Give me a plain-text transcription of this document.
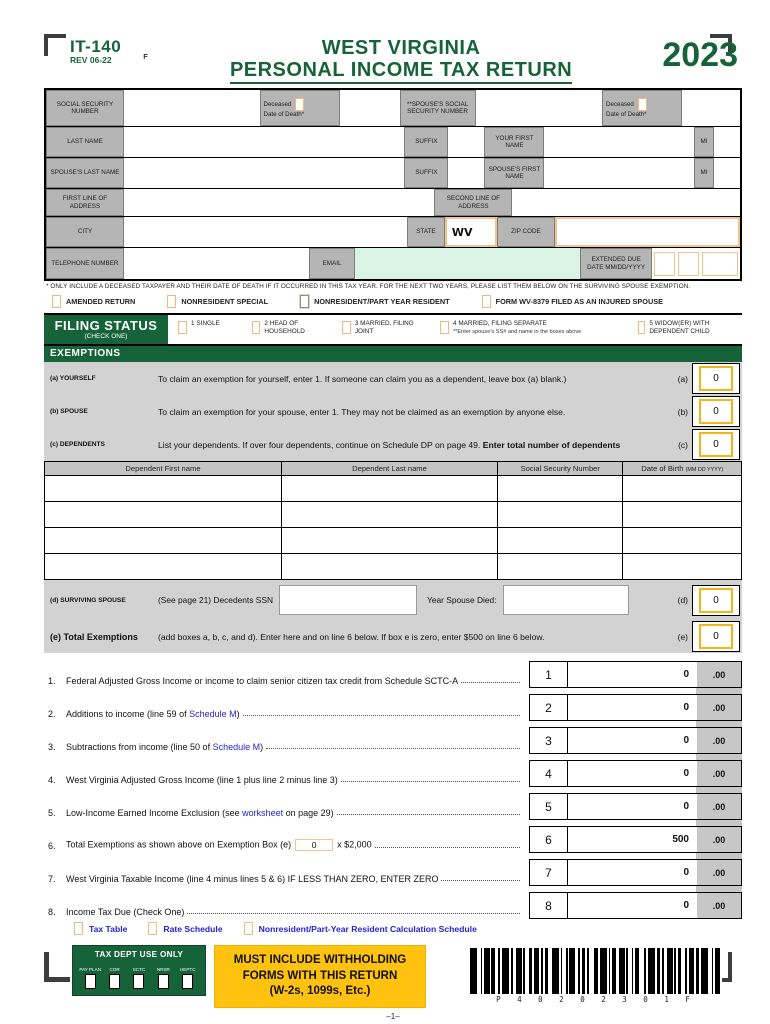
IT-140
REV 06-22	F	WEST VIRGINIA
PERSONAL INCOME TAX RETURN	2023
SOCIAL SECURITY NUMBER
Deceased
Date of Death*
**SPOUSE'S SOCIAL SECURITY NUMBER
Deceased
Date of Death*
LAST NAME	SUFFIX
YOUR FIRST NAME
MI
SPOUSE'S LAST NAME	SUFFIX
SPOUSE'S FIRST NAME
MI
FIRST LINE OF ADDRESS
SECOND LINE OF ADDRESS
CITY	STATE	WV	ZIP CODE
TELEPHONE NUMBER	EMAIL
EXTENDED DUE DATE MM/DD/YYYY
* ONLY INCLUDE A DECEASED TAXPAYER AND THEIR DATE OF DEATH IF IT OCCURRED IN THIS TAX YEAR. FOR THE NEXT TWO YEARS, PLEASE LIST THEM BELOW ON THE SURVIVING SPOUSE EXEMPTION.
AMENDED RETURN	NONRESIDENT SPECIAL	NONRESIDENT/PART YEAR RESIDENT	FORM WV-8379 FILED AS AN INJURED SPOUSE
FILING STATUS
(CHECK ONE)
1 SINGLE	2 HEAD OF HOUSEHOLD
3 MARRIED, FILING JOINT
4 MARRIED, FILING SEPARATE
**Enter spouse's SS# and name in the boxes above
5 WIDOW(ER) WITH DEPENDENT CHILD
EXEMPTIONS
(a) YOURSELF	To claim an exemption for yourself, enter 1. If someone can claim you as a dependent, leave box (a) blank.)	(a)	0
(b) SPOUSE	To claim an exemption for your spouse, enter 1. They may not be claimed as an exemption by anyone else.	(b)	0
(c) DEPENDENTS	List your dependents. If over four dependents, continue on Schedule DP on page 49. Enter total number of dependents	(c)	0
Dependent First name	Dependent Last name	Social Security Number	Date of Birth (MM DD YYYY)

(d) SURVIVING SPOUSE	(See page 21) Decedents SSN	Year Spouse Died:	(d)	0
(e) Total Exemptions	(add boxes a, b, c, and d). Enter here and on line 6 below. If box e is zero, enter $500 on line 6 below.	(e)	0
1.	Federal Adjusted Gross Income or income to claim senior citizen tax credit from Schedule SCTC-A	1	0	.00
2.	Additions to income (line 59 of Schedule M)	2	0	.00
3.	Subtractions from income (line 50 of Schedule M)	3	0	.00
4.	West Virginia Adjusted Gross Income (line 1 plus line 2 minus line 3)	4	0	.00
5.	Low-Income Earned Income Exclusion (see worksheet on page 29)	5	0	.00
6.	Total Exemptions as shown above on Exemption Box (e) 0 x $2,000	6	500	.00
7.	West Virginia Taxable Income (line 4 minus lines 5 & 6) IF LESS THAN ZERO, ENTER ZERO	7	0	.00
8.	Income Tax Due (Check One)	8	0	.00
Tax Table	Rate Schedule	Nonresident/Part-Year Resident Calculation Schedule
TAX DEPT USE ONLY
PAY PLAN COR	SCTC	NRSR HEPTC
MUST INCLUDE WITHHOLDING
FORMS WITH THIS RETURN
(W-2s, 1099s, Etc.)
P 4 0 2 0 2 3 0 1 F
–1–
